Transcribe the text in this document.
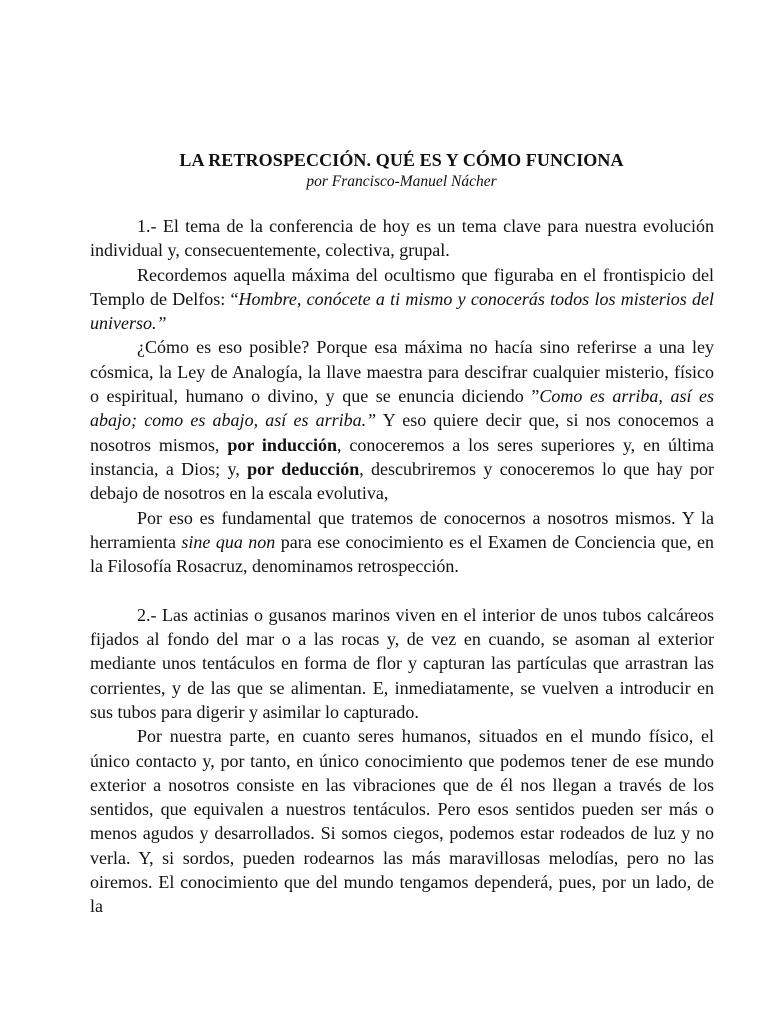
LA RETROSPECCIÓN. QUÉ ES Y CÓMO FUNCIONA

por Francisco-Manuel Nácher

1.- El tema de la conferencia de hoy es un tema clave para nuestra evolución individual y, consecuentemente, colectiva, grupal.

Recordemos aquella máxima del ocultismo que figuraba en el frontispicio del Templo de Delfos: “Hombre, conócete a ti mismo y conocerás todos los misterios del universo.”

¿Cómo es eso posible? Porque esa máxima no hacía sino referirse a una ley cósmica, la Ley de Analogía, la llave maestra para descifrar cualquier misterio, físico o espiritual, humano o divino, y que se enuncia diciendo ”Como es arriba, así es abajo; como es abajo, así es arriba.” Y eso quiere decir que, si nos conocemos a nosotros mismos, por inducción, conoceremos a los seres superiores y, en última instancia, a Dios; y, por deducción, descubriremos y conoceremos lo que hay por debajo de nosotros en la escala evolutiva,

Por eso es fundamental que tratemos de conocernos a nosotros mismos. Y la herramienta sine qua non para ese conocimiento es el Examen de Conciencia que, en la Filosofía Rosacruz, denominamos retrospección.

2.- Las actinias o gusanos marinos viven en el interior de unos tubos calcáreos fijados al fondo del mar o a las rocas y, de vez en cuando, se asoman al exterior mediante unos tentáculos en forma de flor y capturan las partículas que arrastran las corrientes, y de las que se alimentan. E, inmediatamente, se vuelven a introducir en sus tubos para digerir y asimilar lo capturado.

Por nuestra parte, en cuanto seres humanos, situados en el mundo físico, el único contacto y, por tanto, en único conocimiento que podemos tener de ese mundo exterior a nosotros consiste en las vibraciones que de él nos llegan a través de los sentidos, que equivalen a nuestros tentáculos. Pero esos sentidos pueden ser más o menos agudos y desarrollados. Si somos ciegos, podemos estar rodeados de luz y no verla. Y, si sordos, pueden rodearnos las más maravillosas melodías, pero no las oiremos. El conocimiento que del mundo tengamos dependerá, pues, por un lado, de la
